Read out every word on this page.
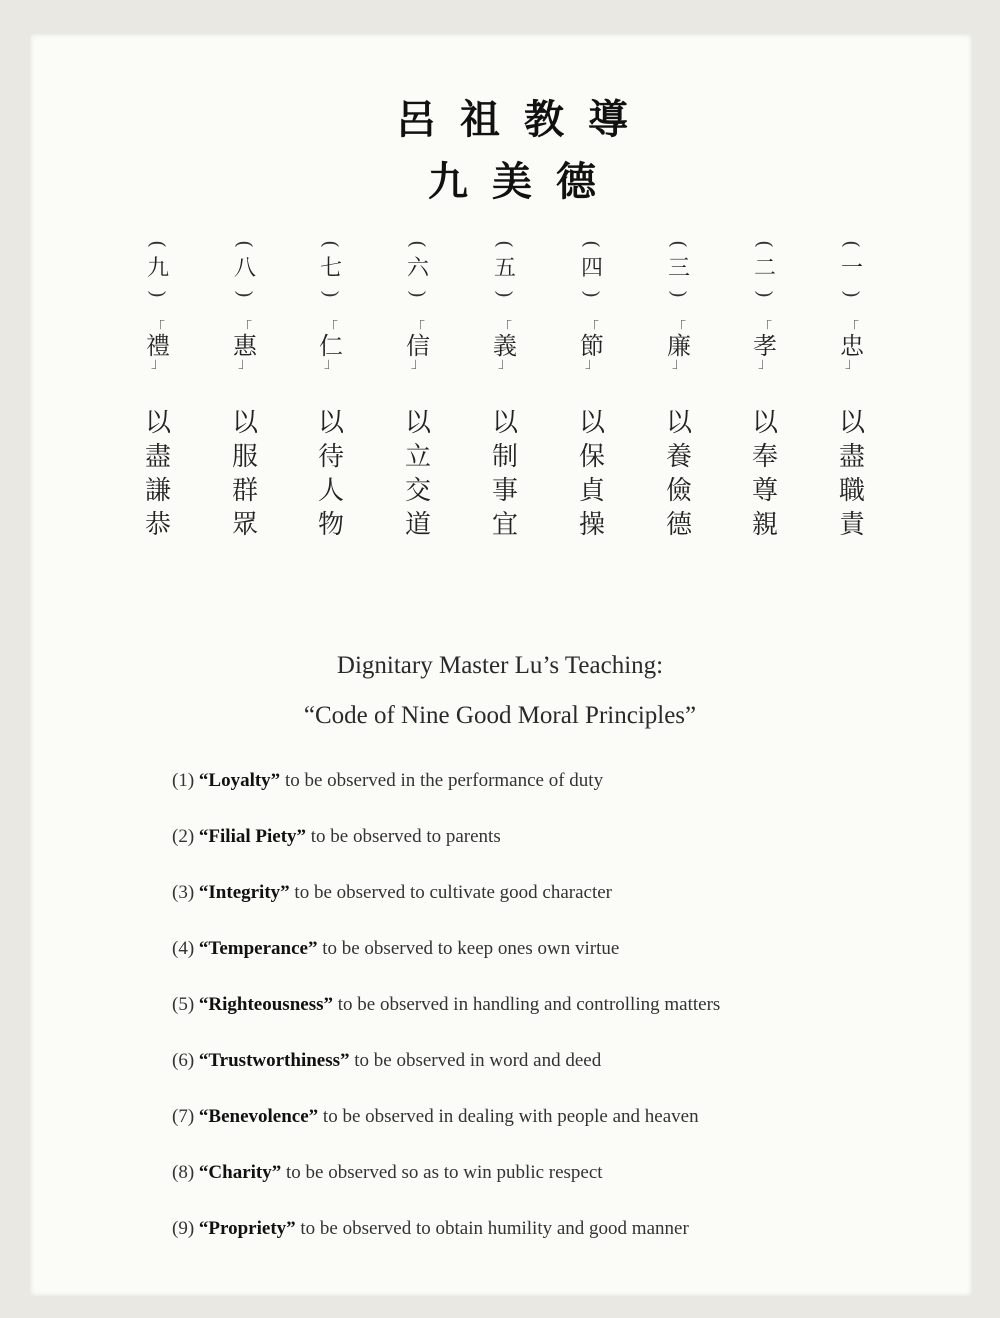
呂祖教導
九美德
(
九
)
「
禮
」
以盡謙恭
(
八
)
「
惠
」
以服群眾
(
七
)
「
仁
」
以待人物
(
六
)
「
信
」
以立交道
(
五
)
「
義
」
以制事宜
(
四
)
「
節
」
以保貞操
(
三
)
「
廉
」
以養儉德
(
二
)
「
孝
」
以奉尊親
(
一
)
「
忠
」
以盡職責
Dignitary Master Lu’s Teaching:
“Code of Nine Good Moral Principles”
(1) “Loyalty” to be observed in the performance of duty
(2) “Filial Piety” to be observed to parents
(3) “Integrity” to be observed to cultivate good character
(4) “Temperance” to be observed to keep ones own virtue
(5) “Righteousness” to be observed in handling and controlling matters
(6) “Trustworthiness” to be observed in word and deed
(7) “Benevolence” to be observed in dealing with people and heaven
(8) “Charity” to be observed so as to win public respect
(9) “Propriety” to be observed to obtain humility and good manner
